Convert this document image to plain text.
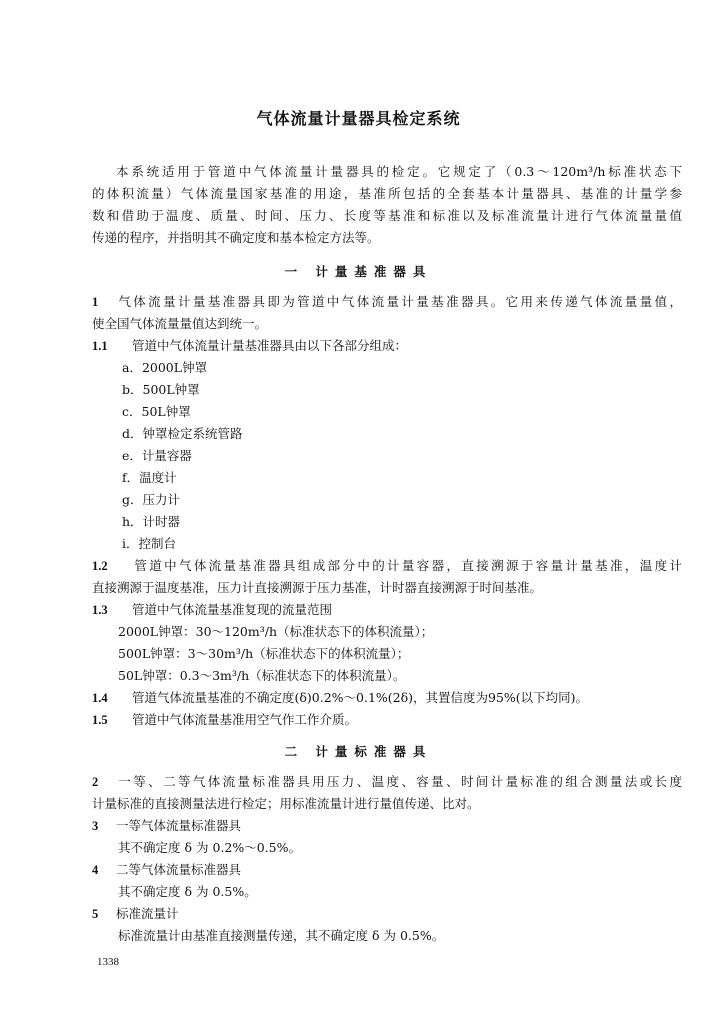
气体流量计量器具检定系统
本系统适用于管道中气体流量计量器具的检定。它规定了（0.3～120m³/h标准状态下
的体积流量）气体流量国家基准的用途，基准所包括的全套基本计量器具、基准的计量学参
数和借助于温度、质量、时间、压力、长度等基准和标准以及标准流量计进行气体流量量值
传递的程序，并指明其不确定度和基本检定方法等。
一 计量基准器具
1 气体流量计量基准器具即为管道中气体流量计量基准器具。它用来传递气体流量量值，
使全国气体流量量值达到统一。
1.1 管道中气体流量计量基准器具由以下各部分组成：
a．2000L钟罩
b．500L钟罩
c．50L钟罩
d．钟罩检定系统管路
e．计量容器
f．温度计
g．压力计
h．计时器
i．控制台
1.2 管道中气体流量基准器具组成部分中的计量容器，直接溯源于容量计量基准，温度计
直接溯源于温度基准，压力计直接溯源于压力基准，计时器直接溯源于时间基准。
1.3 管道中气体流量基准复现的流量范围
2000L钟罩：30～120m³/h（标准状态下的体积流量）；
500L钟罩：3～30m³/h（标准状态下的体积流量）；
50L钟罩：0.3～3m³/h（标准状态下的体积流量）。
1.4 管道气体流量基准的不确定度(δ)0.2%～0.1%(2δ)，其置信度为95%(以下均同)。
1.5 管道中气体流量基准用空气作工作介质。
二 计量标准器具
2 一等、二等气体流量标准器具用压力、温度、容量、时间计量标准的组合测量法或长度
计量标准的直接测量法进行检定；用标准流量计进行量值传递、比对。
3 一等气体流量标准器具
其不确定度 δ 为 0.2%～0.5%。
4 二等气体流量标准器具
其不确定度 δ 为 0.5%。
5 标准流量计
标准流量计由基准直接测量传递，其不确定度 δ 为 0.5%。
1338
